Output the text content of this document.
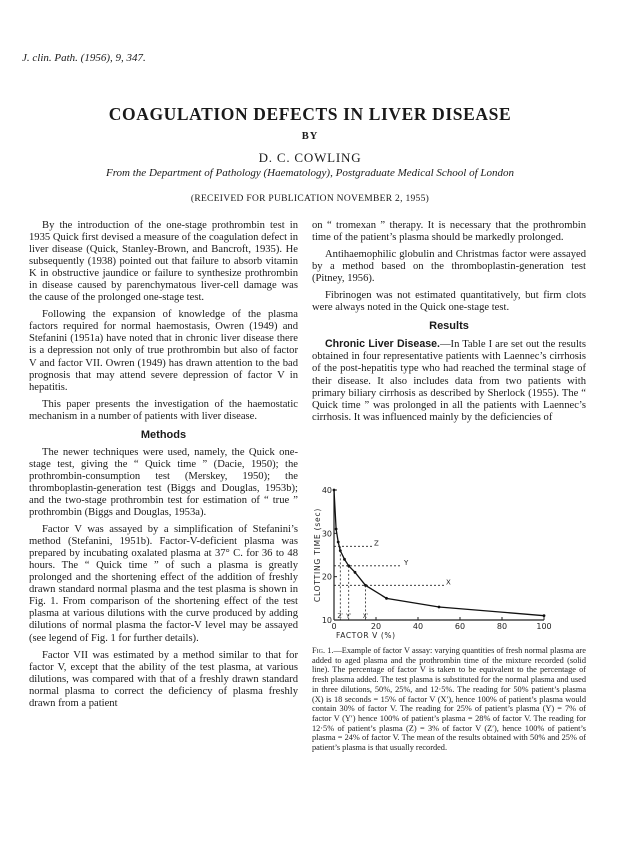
J. clin. Path. (1956), 9, 347.
COAGULATION DEFECTS IN LIVER DISEASE
BY
D. C. COWLING
From the Department of Pathology (Haematology), Postgraduate Medical School of London
(RECEIVED FOR PUBLICATION NOVEMBER 2, 1955)

By the introduction of the one-stage prothrombin test in 1935 Quick first devised a measure of the coagulation defect in liver disease (Quick, Stanley-Brown, and Bancroft, 1935). He subsequently (1938) pointed out that failure to absorb vitamin K in obstructive jaundice or failure to synthesize prothrombin in disease caused by parenchymatous liver-cell damage was the cause of the prolonged one-stage test.

Following the expansion of knowledge of the plasma factors required for normal haemostasis, Owren (1949) and Stefanini (1951a) have noted that in chronic liver disease there is a depression not only of true prothrombin but also of factor V and factor VII. Owren (1949) has drawn attention to the bad prognosis that may attend severe depression of factor V in hepatitis.

This paper presents the investigation of the haemostatic mechanism in a number of patients with liver disease.

Methods

The newer techniques were used, namely, the Quick one-stage test, giving the “ Quick time ” (Dacie, 1950); the prothrombin-consumption test (Merskey, 1950); the thromboplastin-generation test (Biggs and Douglas, 1953b); and the two-stage prothrombin test for estimation of “ true ” prothrombin (Biggs and Douglas, 1953a).

Factor V was assayed by a simplification of Stefanini’s method (Stefanini, 1951b). Factor-V-deficient plasma was prepared by incubating oxalated plasma at 37° C. for 36 to 48 hours. The “ Quick time ” of such a plasma is greatly prolonged and the shortening effect of the addition of freshly drawn standard normal plasma and the test plasma is shown in Fig. 1. From comparison of the shortening effect of the test plasma at various dilutions with the curve produced by adding dilutions of normal plasma the factor-V level may be assayed (see legend of Fig. 1 for further details).

Factor VII was estimated by a method similar to that for factor V, except that the ability of the test plasma, at various dilutions, was compared with that of a freshly drawn standard normal plasma to correct the deficiency of plasma freshly drawn from a patient

on “ tromexan ” therapy. It is necessary that the prothrombin time of the patient’s plasma should be markedly prolonged.

Antihaemophilic globulin and Christmas factor were assayed by a method based on the thromboplastin-generation test (Pitney, 1956).

Fibrinogen was not estimated quantitatively, but firm clots were always noted in the Quick one-stage test.

Results

Chronic Liver Disease.—In Table I are set out the results obtained in four representative patients with Laennec’s cirrhosis of the post-hepatitis type who had reached the terminal stage of their disease. It also includes data from two patients with primary biliary cirrhosis as described by Sherlock (1955). The “ Quick time ” was prolonged in all the patients with Laennec’s cirrhosis. It was influenced mainly by the deficiencies of

0	20	40	60	80	100
10
20
30
40
CLOTTING TIME (sec)
FACTOR V (%)
Z
Z′
Y
Y′
X
X′
Fig. 1.—Example of factor V assay: varying quantities of fresh normal plasma are added to aged plasma and the prothrombin time of the mixture recorded (solid line). The percentage of factor V is taken to be equivalent to the percentage of fresh plasma added. The test plasma is substituted for the normal plasma and used in three dilutions, 50%, 25%, and 12·5%. The reading for 50% patient’s plasma (X) is 18 seconds = 15% of factor V (X′), hence 100% of patient’s plasma would contain 30% of factor V. The reading for 25% of patient’s plasma (Y) = 7% of factor V (Y′) hence 100% of patient’s plasma = 28% of factor V. The reading for 12·5% of patient’s plasma (Z) = 3% of factor V (Z′), hence 100% of patient’s plasma = 24% of factor V. The mean of the results obtained with 50% and 25% of patient’s plasma is that usually recorded.
